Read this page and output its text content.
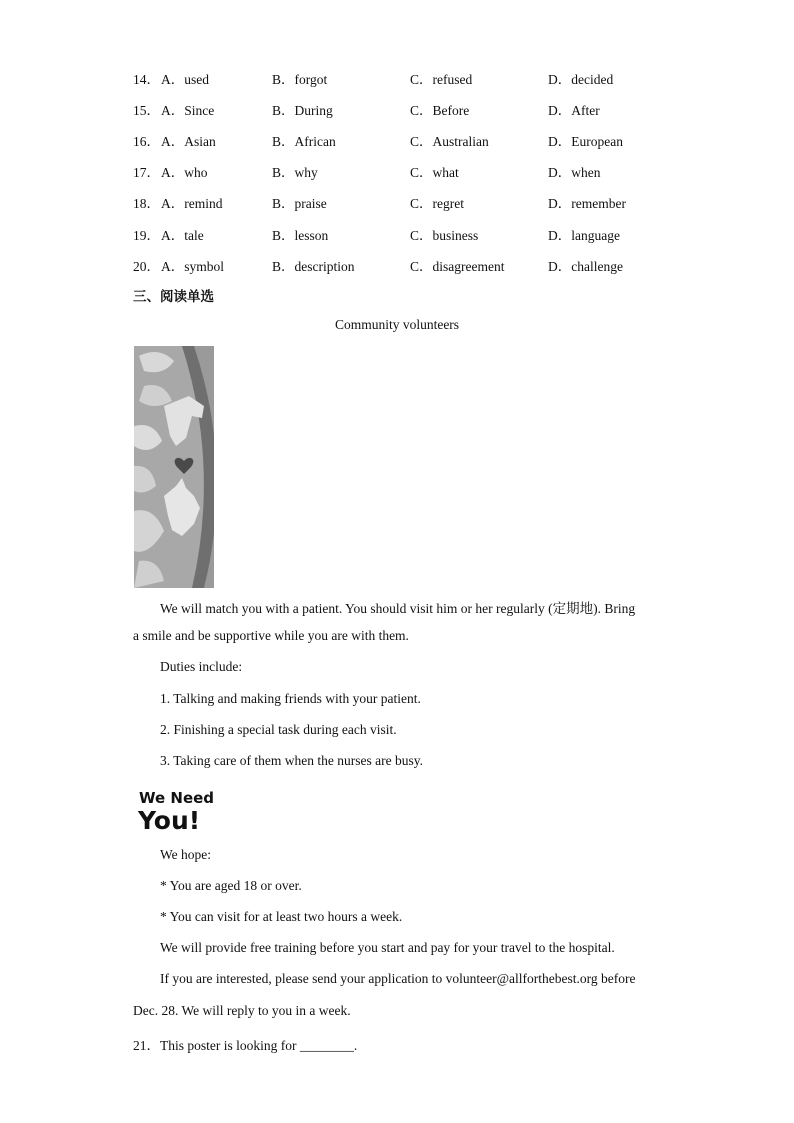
14． A．used	B．forgot	C．refused	D．decided
15． A．Since	B．During	C．Before	D．After
16． A．Asian	B．African	C．Australian	D．European
17． A．who	B．why	C．what	D．when
18． A．remind	B．praise	C．regret	D．remember
19． A．tale	B．lesson	C．business	D．language
20． A．symbol	B．description	C．disagreement	D．challenge
三、阅读单选
Community volunteers
We will match you with a patient. You should visit him or her regularly (定期地). Bring
a smile and be supportive while you are with them.
Duties include:
1. Talking and making friends with your patient.
2. Finishing a special task during each visit.
3. Taking care of them when the nurses are busy.
We Need
You!
We hope:
* You are aged 18 or over.
* You can visit for at least two hours a week.
We will provide free training before you start and pay for your travel to the hospital.
If you are interested, please send your application to volunteer@allforthebest.org before
Dec. 28. We will reply to you in a week.
21．This poster is looking for ________.
